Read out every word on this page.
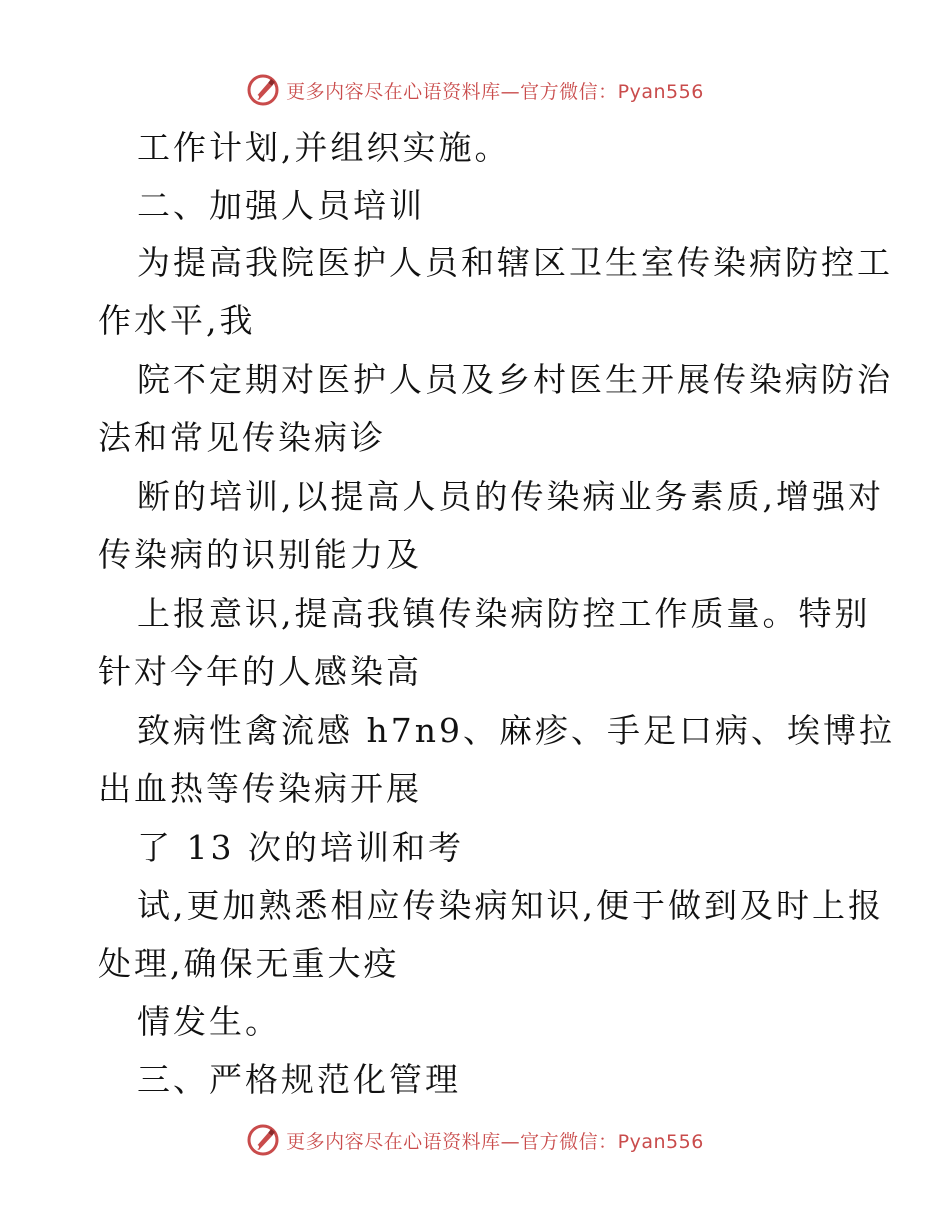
更多内容尽在心语资料库—官方微信：Pyan556
工作计划,并组织实施。
二、加强人员培训
为提高我院医护人员和辖区卫生室传染病防控工
作水平,我
院不定期对医护人员及乡村医生开展传染病防治
法和常见传染病诊
断的培训,以提高人员的传染病业务素质,增强对
传染病的识别能力及
上报意识,提高我镇传染病防控工作质量。特别
针对今年的人感染高
致病性禽流感 h7n9、麻疹、手足口病、埃博拉
出血热等传染病开展
了 13 次的培训和考
试,更加熟悉相应传染病知识,便于做到及时上报
处理,确保无重大疫
情发生。
三、严格规范化管理
更多内容尽在心语资料库—官方微信：Pyan556
